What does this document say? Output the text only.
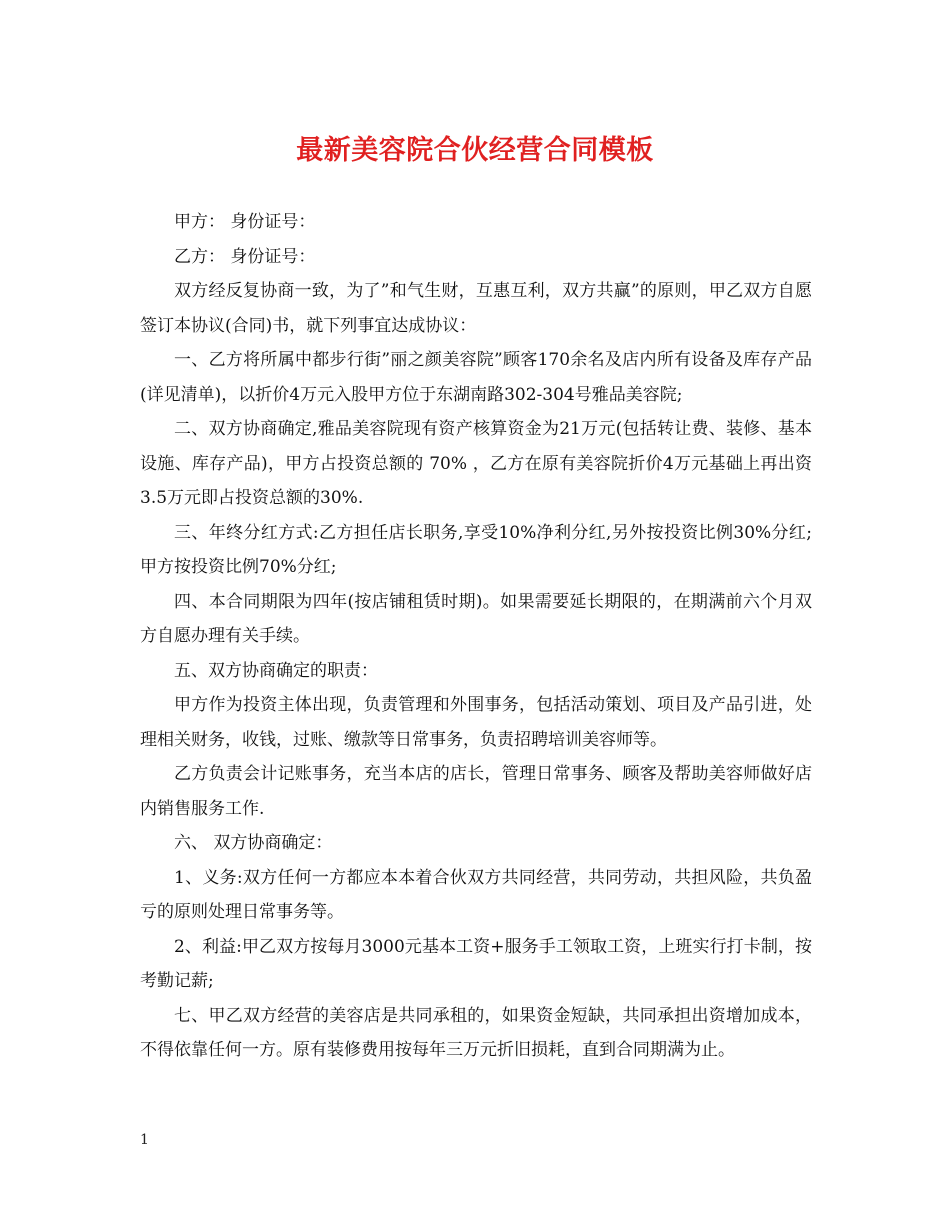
最新美容院合伙经营合同模板

甲方： 身份证号：

乙方： 身份证号：

双方经反复协商一致，为了”和气生财，互惠互利，双方共赢”的原则，甲乙双方自愿签订本协议(合同)书，就下列事宜达成协议：

一、乙方将所属中都步行街”丽之颜美容院”顾客170余名及店内所有设备及库存产品(详见清单)，以折价4万元入股甲方位于东湖南路302-304号雅品美容院;

二、双方协商确定,雅品美容院现有资产核算资金为21万元(包括转让费、装修、基本设施、库存产品)，甲方占投资总额的 70% ，乙方在原有美容院折价4万元基础上再出资3.5万元即占投资总额的30%.

三、年终分红方式:乙方担任店长职务,享受10%净利分红,另外按投资比例30%分红;甲方按投资比例70%分红;

四、本合同期限为四年(按店铺租赁时期)。如果需要延长期限的，在期满前六个月双方自愿办理有关手续。

五、双方协商确定的职责：

甲方作为投资主体出现，负责管理和外围事务，包括活动策划、项目及产品引进，处理相关财务，收钱，过账、缴款等日常事务，负责招聘培训美容师等。

乙方负责会计记账事务，充当本店的店长，管理日常事务、顾客及帮助美容师做好店内销售服务工作.

六、 双方协商确定：

1、义务:双方任何一方都应本本着合伙双方共同经营，共同劳动，共担风险，共负盈亏的原则处理日常事务等。

2、利益:甲乙双方按每月3000元基本工资+服务手工领取工资，上班实行打卡制，按考勤记薪;

七、甲乙双方经营的美容店是共同承租的，如果资金短缺，共同承担出资增加成本，不得依靠任何一方。原有装修费用按每年三万元折旧损耗，直到合同期满为止。

1
